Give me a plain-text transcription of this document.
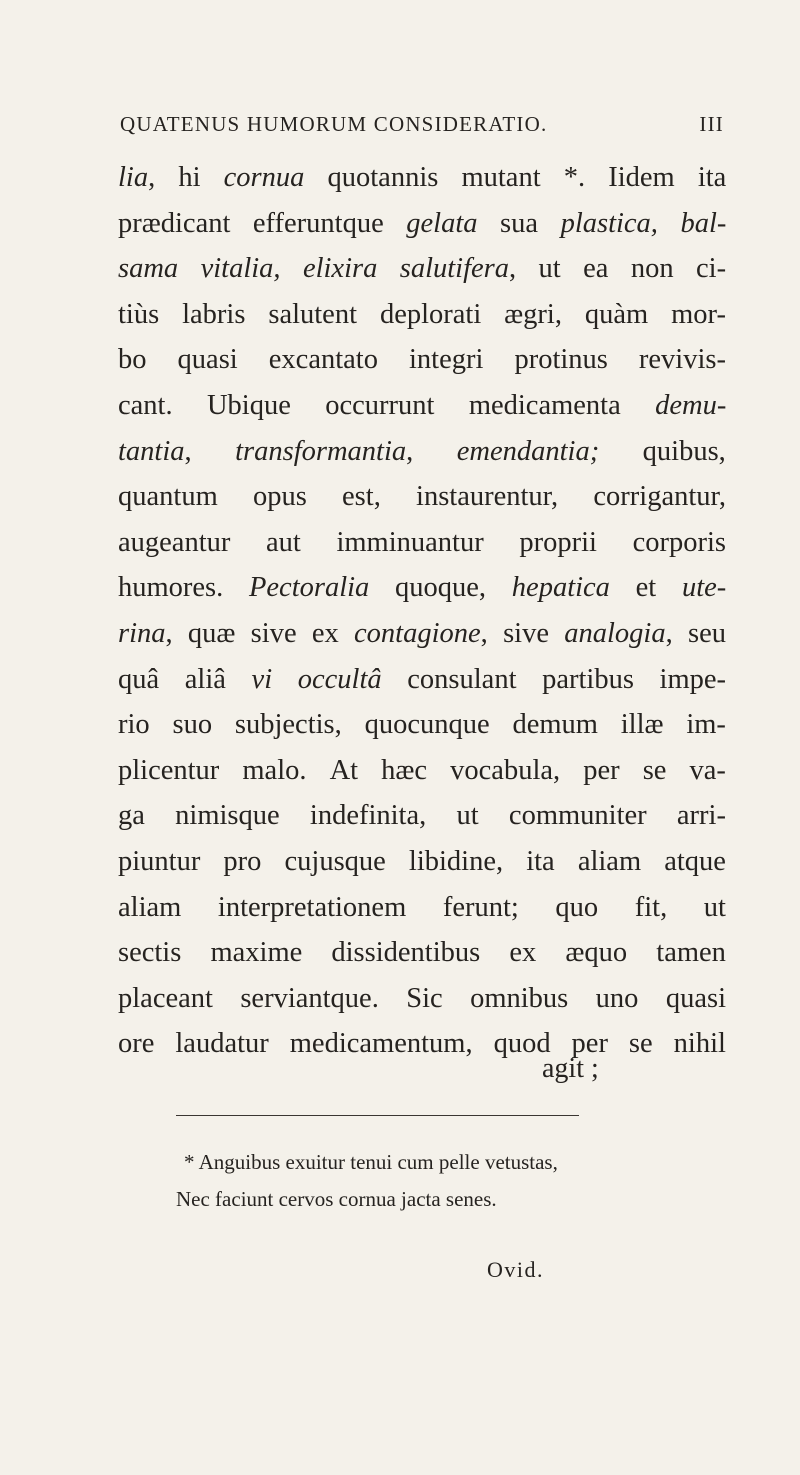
QUATENUS HUMORUM CONSIDERATIO.	III
lia, hi cornua quotannis mutant *. Iidem ita
prædicant efferuntque gelata sua plastica, bal-
sama vitalia, elixira salutifera, ut ea non ci-
tiùs labris salutent deplorati ægri, quàm mor-
bo quasi excantato integri protinus revivis-
cant. Ubique occurrunt medicamenta demu-
tantia, transformantia, emendantia; quibus,
quantum opus est, instaurentur, corrigantur,
augeantur aut imminuantur proprii corporis
humores. Pectoralia quoque, hepatica et ute-
rina, quæ sive ex contagione, sive analogia, seu
quâ aliâ vi occultâ consulant partibus impe-
rio suo subjectis, quocunque demum illæ im-
plicentur malo. At hæc vocabula, per se va-
ga nimisque indefinita, ut communiter arri-
piuntur pro cujusque libidine, ita aliam atque
aliam interpretationem ferunt; quo fit, ut
sectis maxime dissidentibus ex æquo tamen
placeant serviantque. Sic omnibus uno quasi
ore laudatur medicamentum, quod per se nihil
agit ;
* Anguibus exuitur tenui cum pelle vetustas,
Nec faciunt cervos cornua jacta senes.
Ovid.
